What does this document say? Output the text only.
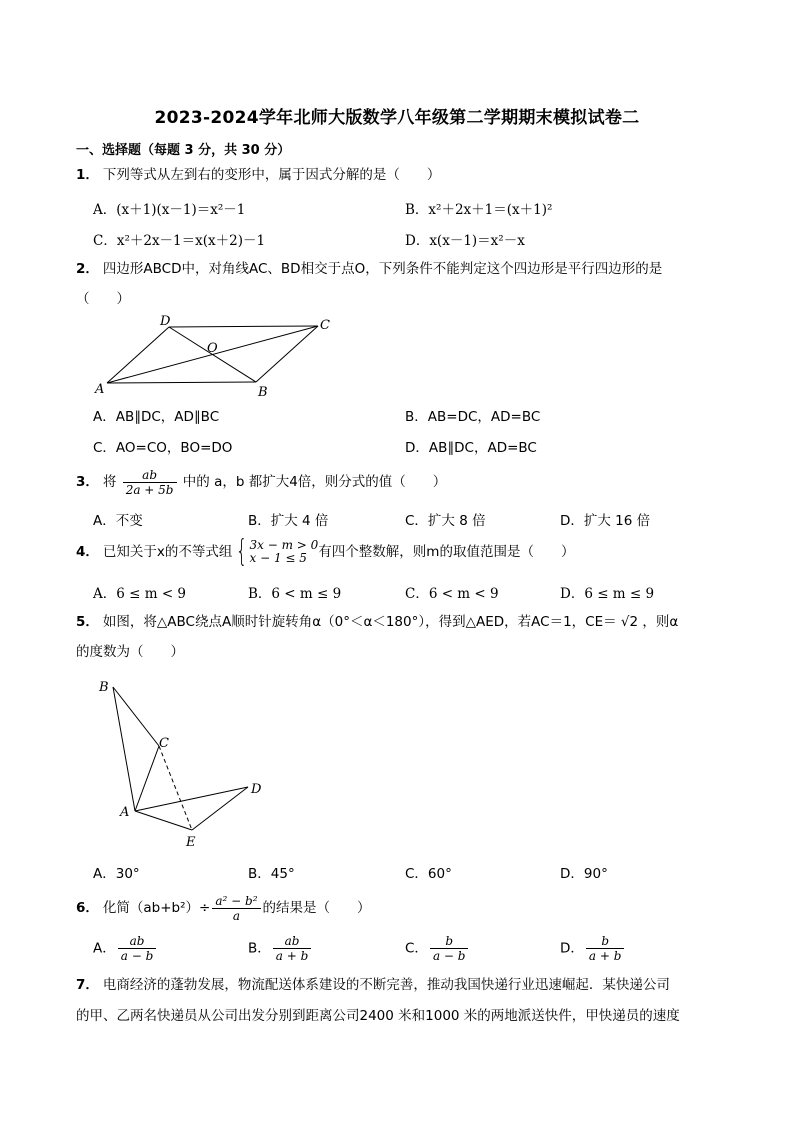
2023-2024学年北师大版数学八年级第二学期期末模拟试卷二
一、选择题（每题 3 分，共 30 分）
1． 下列等式从左到右的变形中，属于因式分解的是（　　）
A．(x＋1)(x－1)＝x²－1	B．x²＋2x＋1＝(x＋1)²
C．x²＋2x－1＝x(x＋2)－1	D．x(x－1)＝x²－x
2． 四边形ABCD中，对角线AC、BD相交于点O，下列条件不能判定这个四边形是平行四边形的是
（　　）
A	B
C
D
O
A．AB∥DC，AD∥BC	B．AB=DC，AD=BC
C．AO=CO，BO=DO	D．AB∥DC，AD=BC
3． 将 $\frac{ab}{2a + 5b}$ 中的 a，b 都扩大4倍，则分式的值（　　）
A．不变	B．扩大 4 倍	C．扩大 8 倍	D．扩大 16 倍
4． 已知关于x的不等式组 { 3x − m > 0
x − 1 ≤ 5 有四个整数解，则m的取值范围是（　　）
A．6 ≤ m < 9	B．6 < m ≤ 9	C．6 < m < 9	D．6 ≤ m ≤ 9
5． 如图，将△ABC绕点A顺时针旋转角α（0°＜α＜180°），得到△AED，若AC＝1，CE＝ √2 ，则α
的度数为（　　）
B
C
A
D
E
A．30°	B．45°	C．60°	D．90°
6． 化简$(ab+b^2)\div \frac{\text{a² − b²}}{a}$ 的结果是（　　）
A． $\frac{ab}{a - b}$	B． $\frac{ab}{a + b}$	C． $\frac{b}{a - b}$	D． $\frac{b}{a + b}$
7． 电商经济的蓬勃发展，物流配送体系建设的不断完善，推动我国快递行业迅速崛起．某快递公司
的甲、乙两名快递员从公司出发分别到距离公司2400 米和1000 米的两地派送快件，甲快递员的速度
